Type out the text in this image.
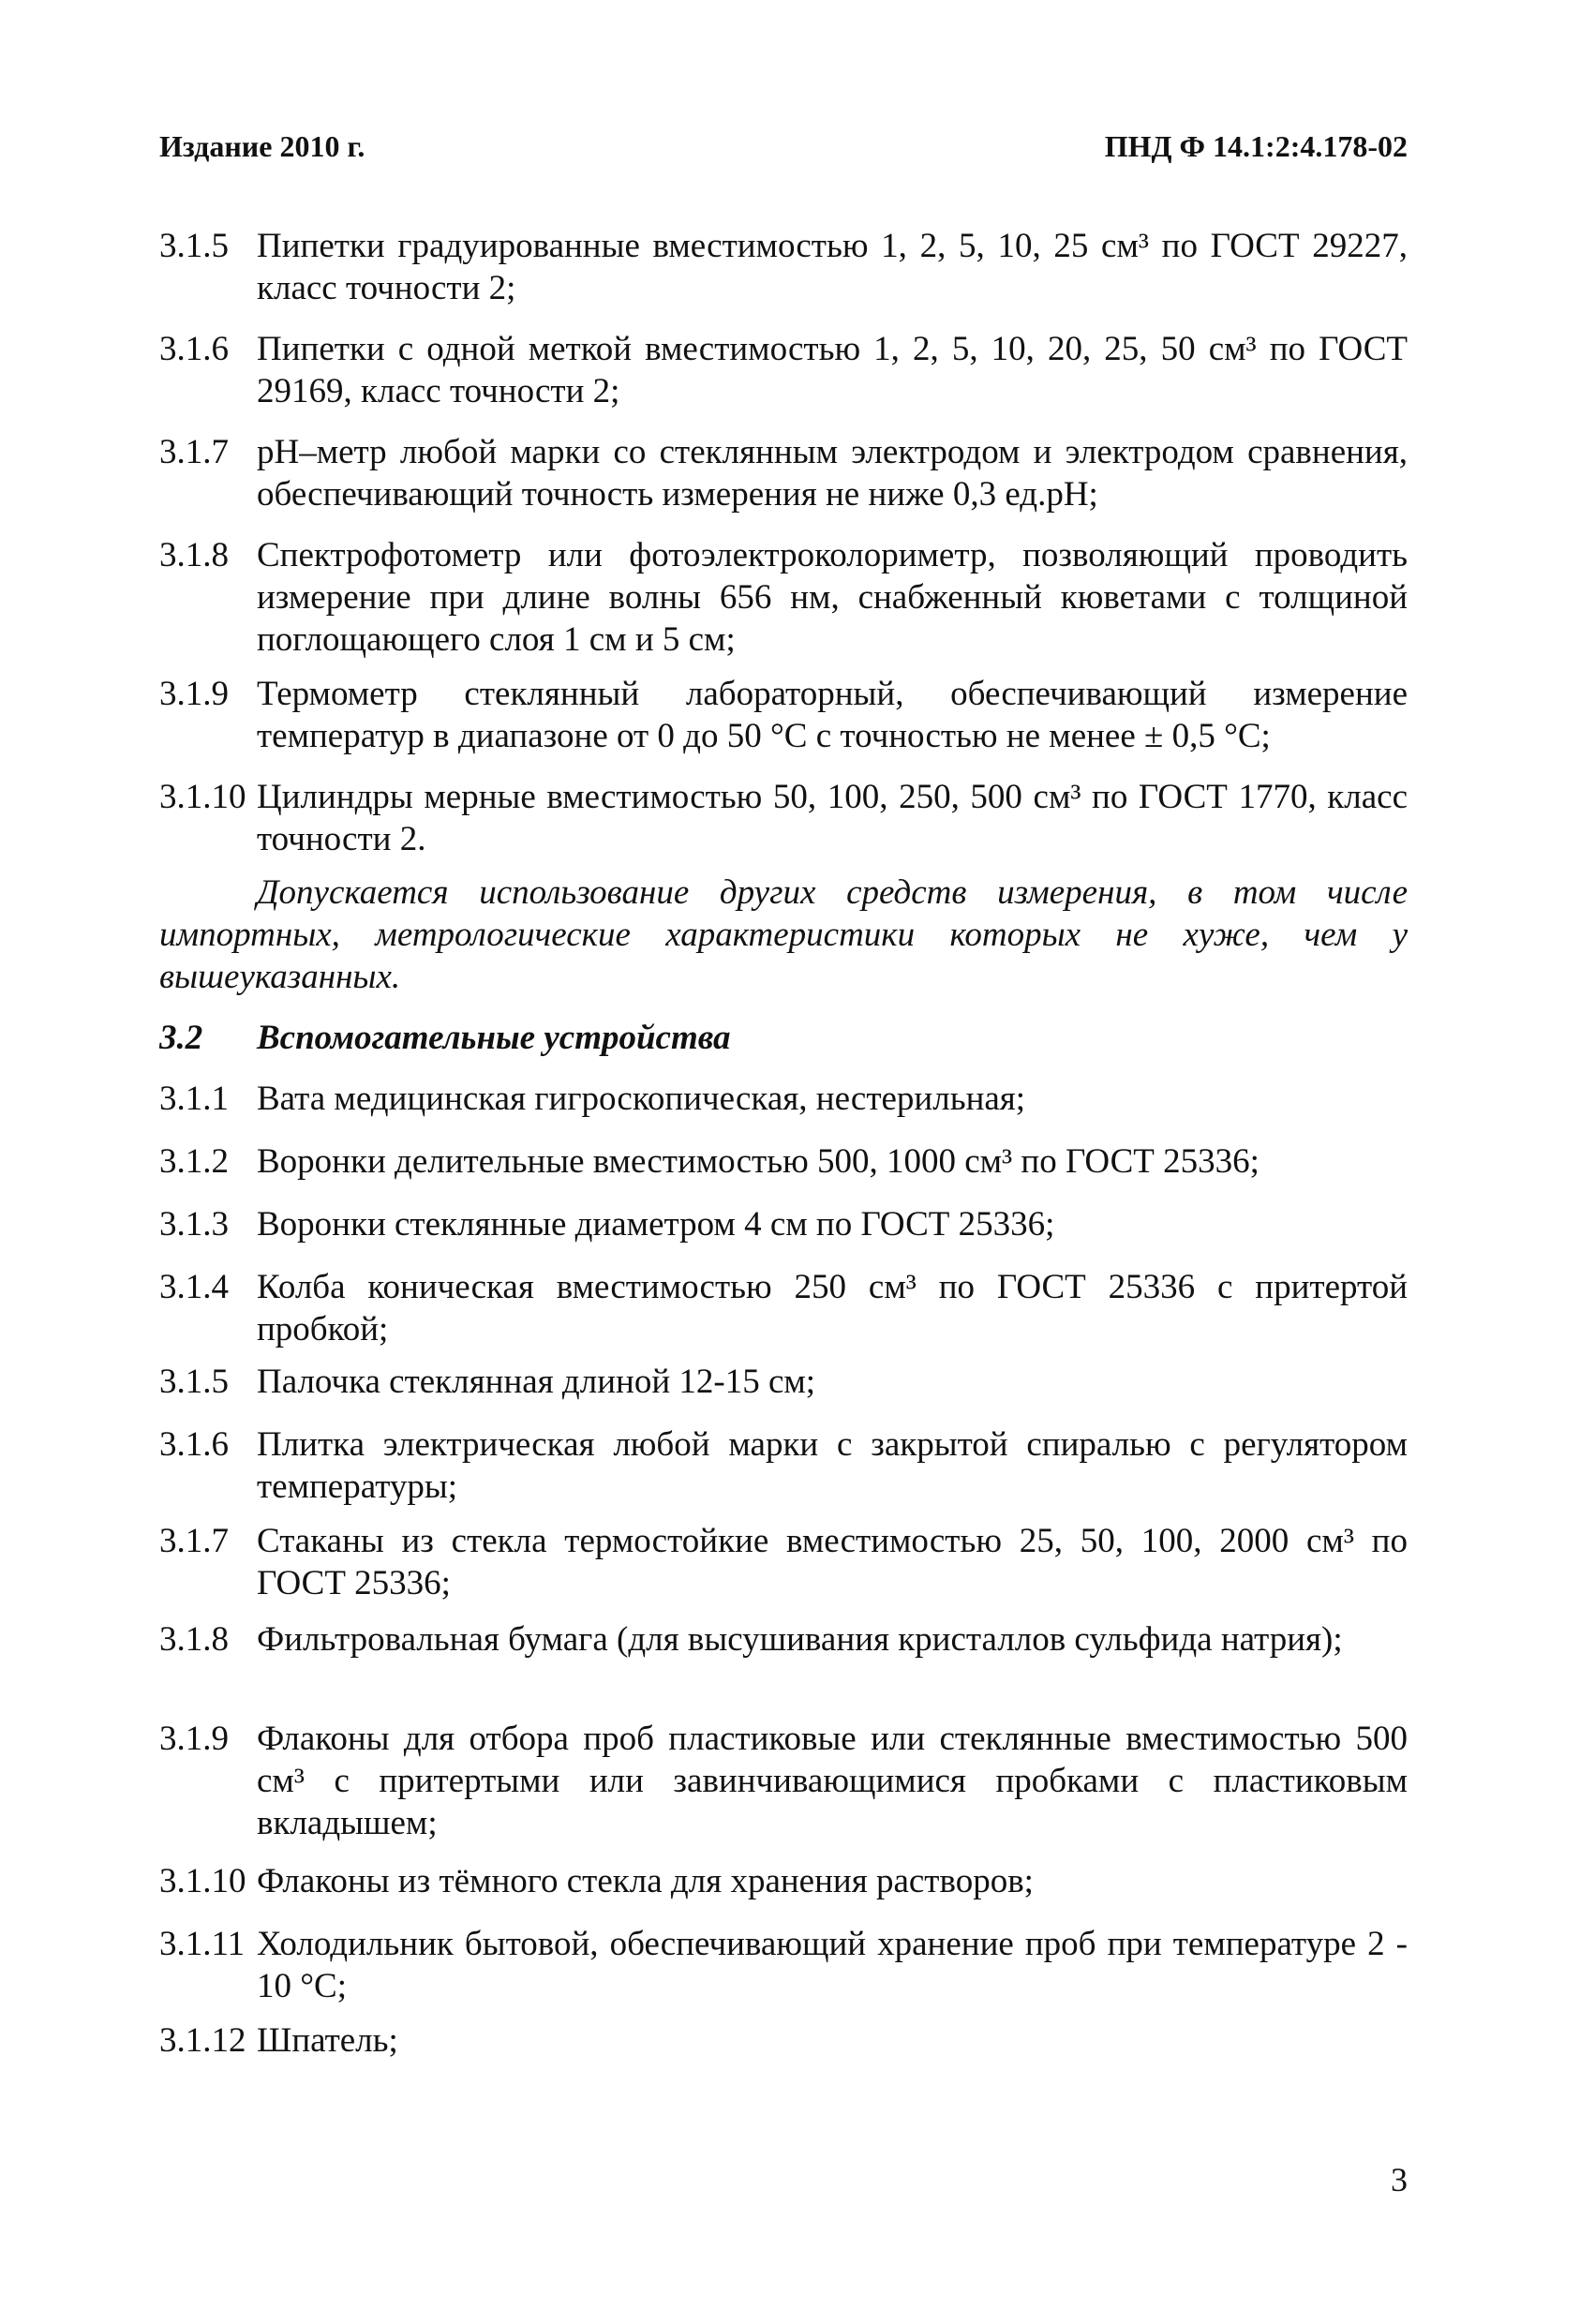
Издание 2010 г.	ПНД Ф 14.1:2:4.178-02
3.1.5 Пипетки градуированные вместимостью 1, 2, 5, 10, 25 см³ по ГОСТ 29227, класс точности 2;
3.1.6 Пипетки с одной меткой вместимостью 1, 2, 5, 10, 20, 25, 50 см³ по ГОСТ 29169, класс точности 2;
3.1.7 pH–метр любой марки со стеклянным электродом и электродом сравнения, обеспечивающий точность измерения не ниже 0,3 ед.pH;
3.1.8 Спектрофотометр или фотоэлектроколориметр, позволяющий проводить измерение при длине волны 656 нм, снабженный кюветами с толщиной поглощающего слоя 1 см и 5 см;
3.1.9 Термометр стеклянный лабораторный, обеспечивающий измерение температур в диапазоне от 0 до 50 °С с точностью не менее ± 0,5 °С;
3.1.10 Цилиндры мерные вместимостью 50, 100, 250, 500 см³ по ГОСТ 1770, класс точности 2.
Допускается использование других средств измерения, в том числе импортных, метрологические характеристики которых не хуже, чем у вышеуказанных.
3.2 Вспомогательные устройства
3.1.1 Вата медицинская гигроскопическая, нестерильная;
3.1.2 Воронки делительные вместимостью 500, 1000 см³ по ГОСТ 25336;
3.1.3 Воронки стеклянные диаметром 4 см по ГОСТ 25336;
3.1.4 Колба коническая вместимостью 250 см³ по ГОСТ 25336 с притертой пробкой;
3.1.5 Палочка стеклянная длиной 12-15 см;
3.1.6 Плитка электрическая любой марки с закрытой спиралью с регулятором температуры;
3.1.7 Стаканы из стекла термостойкие вместимостью 25, 50, 100, 2000 см³ по ГОСТ 25336;
3.1.8 Фильтровальная бумага (для высушивания кристаллов сульфида натрия);
3.1.9 Флаконы для отбора проб пластиковые или стеклянные вместимостью 500 см³ с притертыми или завинчивающимися пробками с пластиковым вкладышем;
3.1.10 Флаконы из тёмного стекла для хранения растворов;
3.1.11 Холодильник бытовой, обеспечивающий хранение проб при температуре 2 - 10 °С;
3.1.12 Шпатель;
3
